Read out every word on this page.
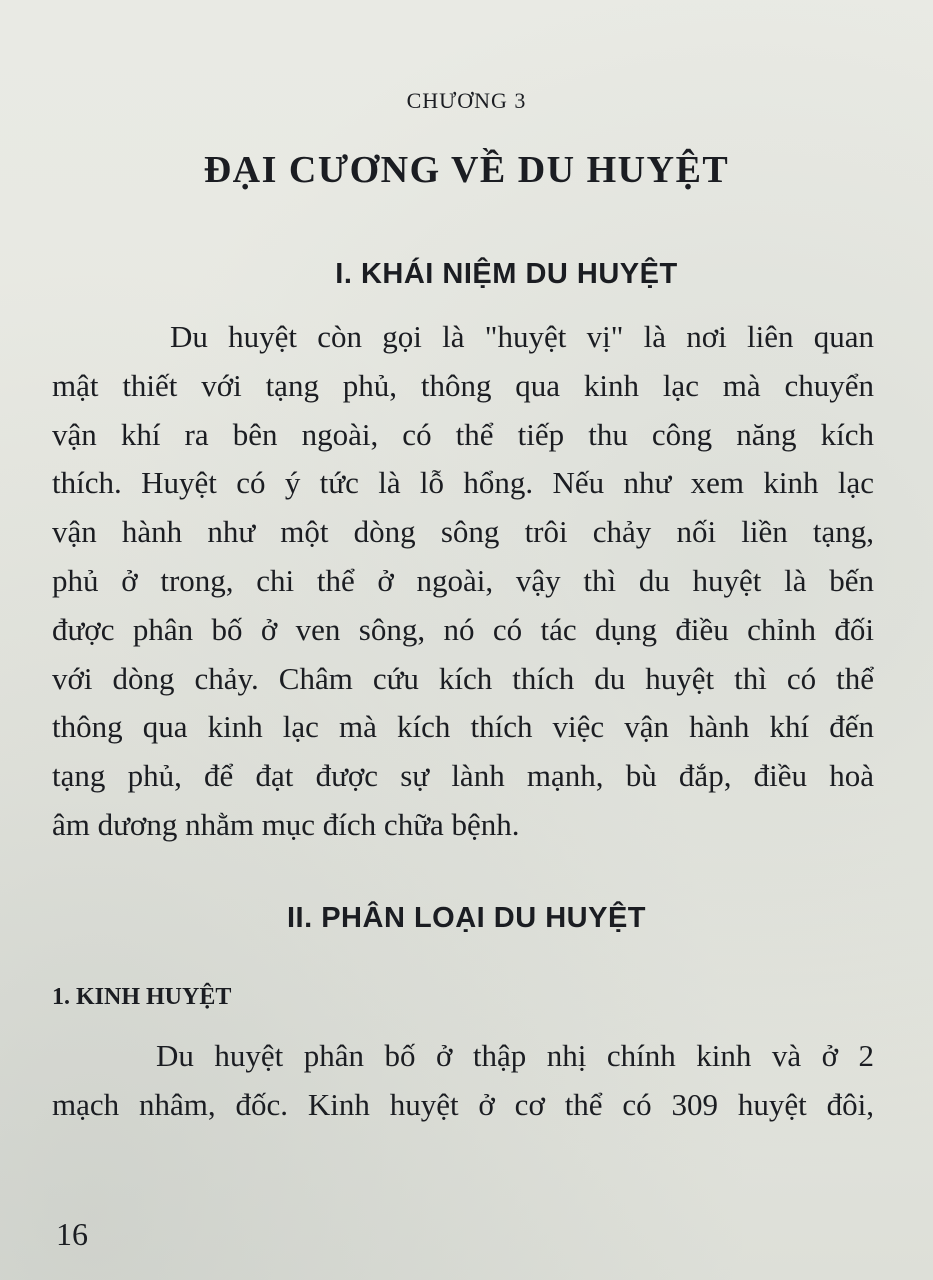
CHƯƠNG 3
ĐẠI CƯƠNG VỀ DU HUYỆT
I. KHÁI NIỆM DU HUYỆT
Du huyệt còn gọi là "huyệt vị" là nơi liên quan
mật thiết với tạng phủ, thông qua kinh lạc mà chuyển
vận khí ra bên ngoài, có thể tiếp thu công năng kích
thích. Huyệt có ý tức là lỗ hổng. Nếu như xem kinh lạc
vận hành như một dòng sông trôi chảy nối liền tạng,
phủ ở trong, chi thể ở ngoài, vậy thì du huyệt là bến
được phân bố ở ven sông, nó có tác dụng điều chỉnh đối
với dòng chảy. Châm cứu kích thích du huyệt thì có thể
thông qua kinh lạc mà kích thích việc vận hành khí đến
tạng phủ, để đạt được sự lành mạnh, bù đắp, điều hoà
âm dương nhằm mục đích chữa bệnh.
II. PHÂN LOẠI DU HUYỆT
1. KINH HUYỆT
Du huyệt phân bố ở thập nhị chính kinh và ở 2
mạch nhâm, đốc. Kinh huyệt ở cơ thể có 309 huyệt đôi,
16
